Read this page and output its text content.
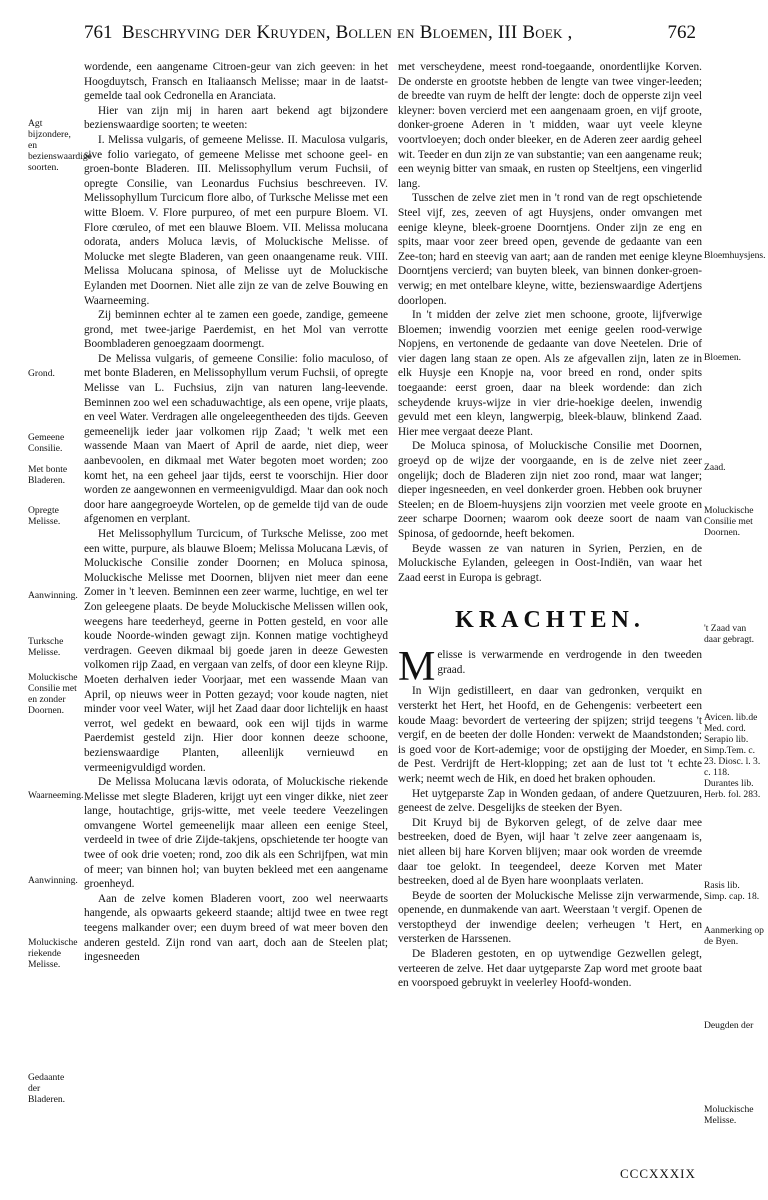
761 Beschryving der Kruyden, Bollen en Bloemen, III Boek ,	762

wordende, een aangename Citroen-geur van zich geeven: in het Hoogduytsch, Fransch en Italiaansch Melisse; maar in de laatst-gemelde taal ook Cedronella en Aranciata.

Hier van zijn mij in haren aart bekend agt bijzondere bezienswaardige soorten; te weeten:

I. Melissa vulgaris, of gemeene Melisse. II. Maculosa vulgaris, sive folio variegato, of gemeene Melisse met schoone geel- en groen-bonte Bladeren. III. Melissophyllum verum Fuchsii, of opregte Consilie, van Leonardus Fuchsius beschreeven. IV. Melissophyllum Turcicum flore albo, of Turksche Melisse met een witte Bloem. V. Flore purpureo, of met een purpure Bloem. VI. Flore cœruleo, of met een blauwe Bloem. VII. Melissa molucana odorata, anders Moluca lævis, of Moluckische Melisse. of Molucke met slegte Bladeren, van geen onaangename reuk. VIII. Melissa Molucana spinosa, of Melisse uyt de Moluckische Eylanden met Doornen. Niet alle zijn ze van de zelve Bouwing en Waarneeming.

Zij beminnen echter al te zamen een goede, zandige, gemeene grond, met twee-jarige Paerdemist, en het Mol van verrotte Boombladeren genoegzaam doormengt.

De Melissa vulgaris, of gemeene Consilie: folio maculoso, of met bonte Bladeren, en Melissophyllum verum Fuchsii, of opregte Melisse van L. Fuchsius, zijn van naturen lang-leevende. Beminnen zoo wel een schaduwachtige, als een opene, vrije plaats, en veel Water. Verdragen alle ongeleegentheeden des tijds. Geeven gemeenelijk ieder jaar volkomen rijp Zaad; 't welk met een wassende Maan van Maert of April de aarde, niet diep, weer aanbevoolen, en dikmaal met Water begoten moet worden; zoo komt het, na een geheel jaar tijds, eerst te voorschijn. Hier door worden ze aangewonnen en vermeenigvuldigd. Maar dan ook noch door hare aangegroeyde Wortelen, op de gemelde tijd van de oude afgenomen en verplant.

Het Melissophyllum Turcicum, of Turksche Melisse, zoo met een witte, purpure, als blauwe Bloem; Melissa Molucana Lævis, of Moluckische Consilie zonder Doornen; en Moluca spinosa, Moluckische Melisse met Doornen, blijven niet meer dan eene Zomer in 't leeven. Beminnen een zeer warme, luchtige, en wel ter Zon geleegene plaats. De beyde Moluckische Melissen willen ook, weegens hare teederheyd, geerne in Potten gesteld, en voor alle koude Noorde-winden gewagt zijn. Konnen matige vochtigheyd verdragen. Geeven dikmaal bij goede jaren in deeze Gewesten volkomen rijp Zaad, en vergaan van zelfs, of door een kleyne Rijp. Moeten derhalven ieder Voorjaar, met een wassende Maan van April, op nieuws weer in Potten gezayd; voor koude nagten, niet minder voor veel Water, wijl het Zaad daar door lichtelijk en haast verrot, wel gedekt en bewaard, ook een wijl tijds in warme Paerdemist gesteld zijn. Hier door konnen deeze schoone, bezienswaardige Planten, alleenlijk vernieuwd en vermeenigvuldigd worden.

De Melissa Molucana lævis odorata, of Moluckische riekende Melisse met slegte Bladeren, krijgt uyt een vinger dikke, niet zeer lange, houtachtige, grijs-witte, met veele teedere Veezelingen omvangene Wortel gemeenelijk maar alleen een eenige Steel, verdeeld in twee of drie Zijde-takjens, opschietende ter hoogte van twee of ook drie voeten; rond, zoo dik als een Schrijfpen, wat min of meer; van binnen hol; van buyten bekleed met een aangename groenheyd.

Aan de zelve komen Bladeren voort, zoo wel neerwaarts hangende, als opwaarts gekeerd staande; altijd twee en twee regt teegens malkander over; een duym breed of wat meer boven den anderen gesteld. Zijn rond van aart, doch aan de Steelen plat; ingesneeden

met verscheydene, meest rond-toegaande, onordentlijke Korven. De onderste en grootste hebben de lengte van twee vinger-leeden; de breedte van ruym de helft der lengte: doch de opperste zijn veel kleyner: boven vercierd met een aangenaam groen, en vijf groote, donker-groene Aderen in 't midden, waar uyt veele kleyne voortvloeyen; doch onder bleeker, en de Aderen zeer aardig geheel wit. Teeder en dun zijn ze van substantie; van een aangename reuk; een weynig bitter van smaak, en rusten op Steeltjens, een vingerlid lang.

Tusschen de zelve ziet men in 't rond van de regt opschietende Steel vijf, zes, zeeven of agt Huysjens, onder omvangen met eenige kleyne, bleek-groene Doorntjens. Onder zijn ze eng en spits, maar voor zeer breed open, gevende de gedaante van een Zee-ton; hard en steevig van aart; aan de randen met eenige kleyne Doorntjens vercierd; van buyten bleek, van binnen donker-groen-verwig; en met ontelbare kleyne, witte, bezienswaardige Adertjens doorlopen.

In 't midden der zelve ziet men schoone, groote, lijfverwige Bloemen; inwendig voorzien met eenige geelen rood-verwige Nopjens, en vertonende de gedaante van dove Neetelen. Drie of vier dagen lang staan ze open. Als ze afgevallen zijn, laten ze in elk Huysje een Knopje na, voor breed en rond, onder spits toegaande: eerst groen, daar na bleek wordende: dan zich scheydende kruys-wijze in vier drie-hoekige deelen, inwendig gevuld met een kleyn, langwerpig, bleek-blauw, blinkend Zaad. Hier mee vergaat deeze Plant.

De Moluca spinosa, of Moluckische Consilie met Doornen, groeyd op de wijze der voorgaande, en is de zelve niet zeer ongelijk; doch de Bladeren zijn niet zoo rond, maar wat langer; dieper ingesneeden, en veel donkerder groen. Hebben ook bruyner Steelen; en de Bloem-huysjens zijn voorzien met veele groote en zeer scharpe Doornen; waarom ook deeze soort de naam van Spinosa, of gedoornde, heeft bekomen.

Beyde wassen ze van naturen in Syrien, Perzien, en de Moluckische Eylanden, geleegen in Oost-Indiën, van waar het Zaad eerst in Europa is gebragt.

KRACHTEN.
M elisse is verwarmende en verdrogende in den tweeden graad.

In Wijn gedistilleert, en daar van gedronken, verquikt en versterkt het Hert, het Hoofd, en de Gehengenis: verbeetert een koude Maag: bevordert de verteering der spijzen; strijd teegens 't vergif, en de beeten der dolle Honden: verwekt de Maandstonden; is goed voor de Kort-ademige; voor de opstijging der Moeder, en de Pest. Verdrijft de Hert-klopping; zet aan de lust tot 't echte werk; neemt wech de Hik, en doed het braken ophouden.

Het uytgeparste Zap in Wonden gedaan, of andere Quetzuuren, geneest de zelve. Desgelijks de steeken der Byen.

Dit Kruyd bij de Bykorven gelegt, of de zelve daar mee bestreeken, doed de Byen, wijl haar 't zelve zeer aangenaam is, niet alleen bij hare Korven blijven; maar ook worden de vreemde daar toe gelokt. In teegendeel, deeze Korven met Mater bestreeken, doed al de Byen hare woonplaats verlaten.

Beyde de soorten der Moluckische Melisse zijn verwarmende, openende, en dunmakende van aart. Weerstaan 't vergif. Openen de verstoptheyd der inwendige deelen; verheugen 't Hert, en versterken de Harssenen.

De Bladeren gestoten, en op uytwendige Gezwellen gelegt, verteeren de zelve. Het daar uytgeparste Zap word met groote baat en voorspoed gebruykt in veelerley Hoofd-wonden.

Agt bijzondere, en bezienswaardige soorten.
Grond.
Gemeene Consilie.
Met bonte Bladeren.
Opregte Melisse.
Aanwinning.
Turksche Melisse.
Moluckische Consilie met en zonder Doornen.
Waarneeming.
Aanwinning.
Moluckische riekende Melisse.
Gedaante der Bladeren.
Bloemhuysjens.
Bloemen.
Zaad.
Moluckische Consilie met Doornen.
't Zaad van daar gebragt.
Avicen. lib.de Med. cord. Serapio lib. Simp.Tem. c. 23. Diosc. l. 3. c. 118. Durantes lib. Herb. fol. 283.
Rasis lib. Simp. cap. 18.
Aanmerking op de Byen.
Deugden der
Moluckische Melisse.
CCCXXXIX
